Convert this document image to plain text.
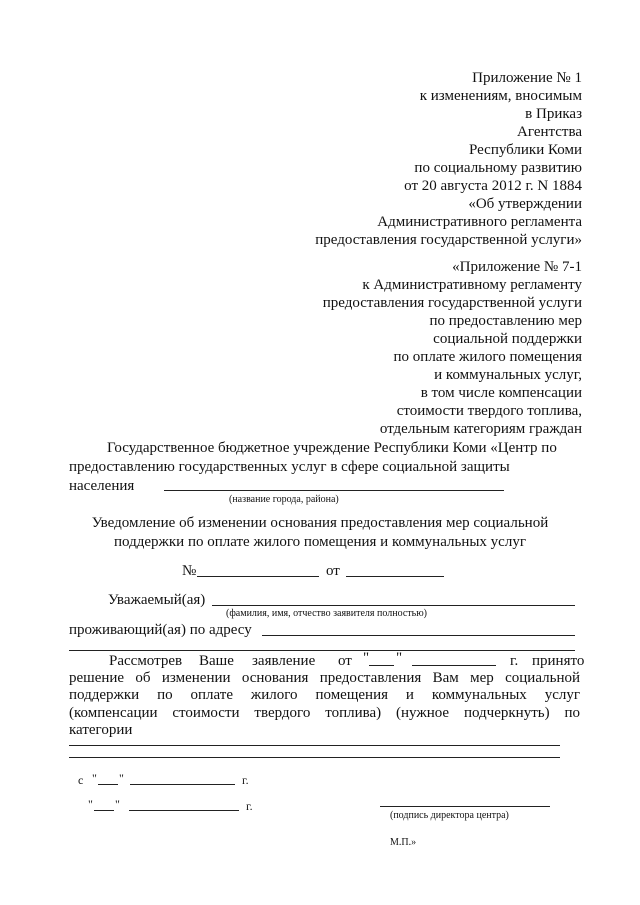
Приложение № 1
к изменениям, вносимым
в Приказ
Агентства
Республики Коми
по социальному развитию
от 20 августа 2012 г. N 1884
«Об утверждении
Административного регламента
предоставления государственной услуги»
«Приложение № 7-1
к Административному регламенту
предоставления государственной услуги
по предоставлению мер
социальной поддержки
по оплате жилого помещения
и коммунальных услуг,
в том числе компенсации
стоимости твердого топлива,
отдельным категориям граждан
Государственное бюджетное учреждение Республики Коми «Центр по
предоставлению государственных услуг в сфере социальной защиты
населения
(название города, района)
Уведомление об изменении основания предоставления мер социальной
поддержки по оплате жилого помещения и коммунальных услуг
№	от
Уважаемый(ая)
(фамилия, имя, отчество заявителя полностью)
проживающий(ая) по адресу
Рассмотрев Ваше заявление от " "	г. принято
решение об изменении основания предоставления Вам мер социальной
поддержки по оплате жилого помещения и коммунальных услуг
(компенсации стоимости твердого топлива) (нужное подчеркнуть) по
категории
с " "	г.
" "	г.
(подпись директора центра)
М.П.»
